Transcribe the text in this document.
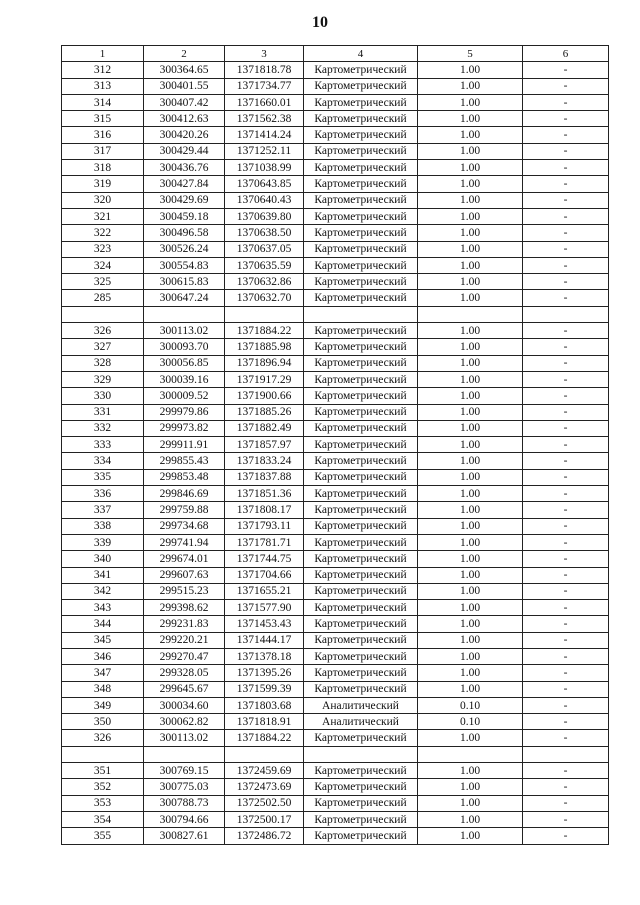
10
1	2	3	4	5	6
312	300364.65	1371818.78	Картометрический	1.00	-
313	300401.55	1371734.77	Картометрический	1.00	-
314	300407.42	1371660.01	Картометрический	1.00	-
315	300412.63	1371562.38	Картометрический	1.00	-
316	300420.26	1371414.24	Картометрический	1.00	-
317	300429.44	1371252.11	Картометрический	1.00	-
318	300436.76	1371038.99	Картометрический	1.00	-
319	300427.84	1370643.85	Картометрический	1.00	-
320	300429.69	1370640.43	Картометрический	1.00	-
321	300459.18	1370639.80	Картометрический	1.00	-
322	300496.58	1370638.50	Картометрический	1.00	-
323	300526.24	1370637.05	Картометрический	1.00	-
324	300554.83	1370635.59	Картометрический	1.00	-
325	300615.83	1370632.86	Картометрический	1.00	-
285	300647.24	1370632.70	Картометрический	1.00	-

326	300113.02	1371884.22	Картометрический	1.00	-
327	300093.70	1371885.98	Картометрический	1.00	-
328	300056.85	1371896.94	Картометрический	1.00	-
329	300039.16	1371917.29	Картометрический	1.00	-
330	300009.52	1371900.66	Картометрический	1.00	-
331	299979.86	1371885.26	Картометрический	1.00	-
332	299973.82	1371882.49	Картометрический	1.00	-
333	299911.91	1371857.97	Картометрический	1.00	-
334	299855.43	1371833.24	Картометрический	1.00	-
335	299853.48	1371837.88	Картометрический	1.00	-
336	299846.69	1371851.36	Картометрический	1.00	-
337	299759.88	1371808.17	Картометрический	1.00	-
338	299734.68	1371793.11	Картометрический	1.00	-
339	299741.94	1371781.71	Картометрический	1.00	-
340	299674.01	1371744.75	Картометрический	1.00	-
341	299607.63	1371704.66	Картометрический	1.00	-
342	299515.23	1371655.21	Картометрический	1.00	-
343	299398.62	1371577.90	Картометрический	1.00	-
344	299231.83	1371453.43	Картометрический	1.00	-
345	299220.21	1371444.17	Картометрический	1.00	-
346	299270.47	1371378.18	Картометрический	1.00	-
347	299328.05	1371395.26	Картометрический	1.00	-
348	299645.67	1371599.39	Картометрический	1.00	-
349	300034.60	1371803.68	Аналитический	0.10	-
350	300062.82	1371818.91	Аналитический	0.10	-
326	300113.02	1371884.22	Картометрический	1.00	-

351	300769.15	1372459.69	Картометрический	1.00	-
352	300775.03	1372473.69	Картометрический	1.00	-
353	300788.73	1372502.50	Картометрический	1.00	-
354	300794.66	1372500.17	Картометрический	1.00	-
355	300827.61	1372486.72	Картометрический	1.00	-
